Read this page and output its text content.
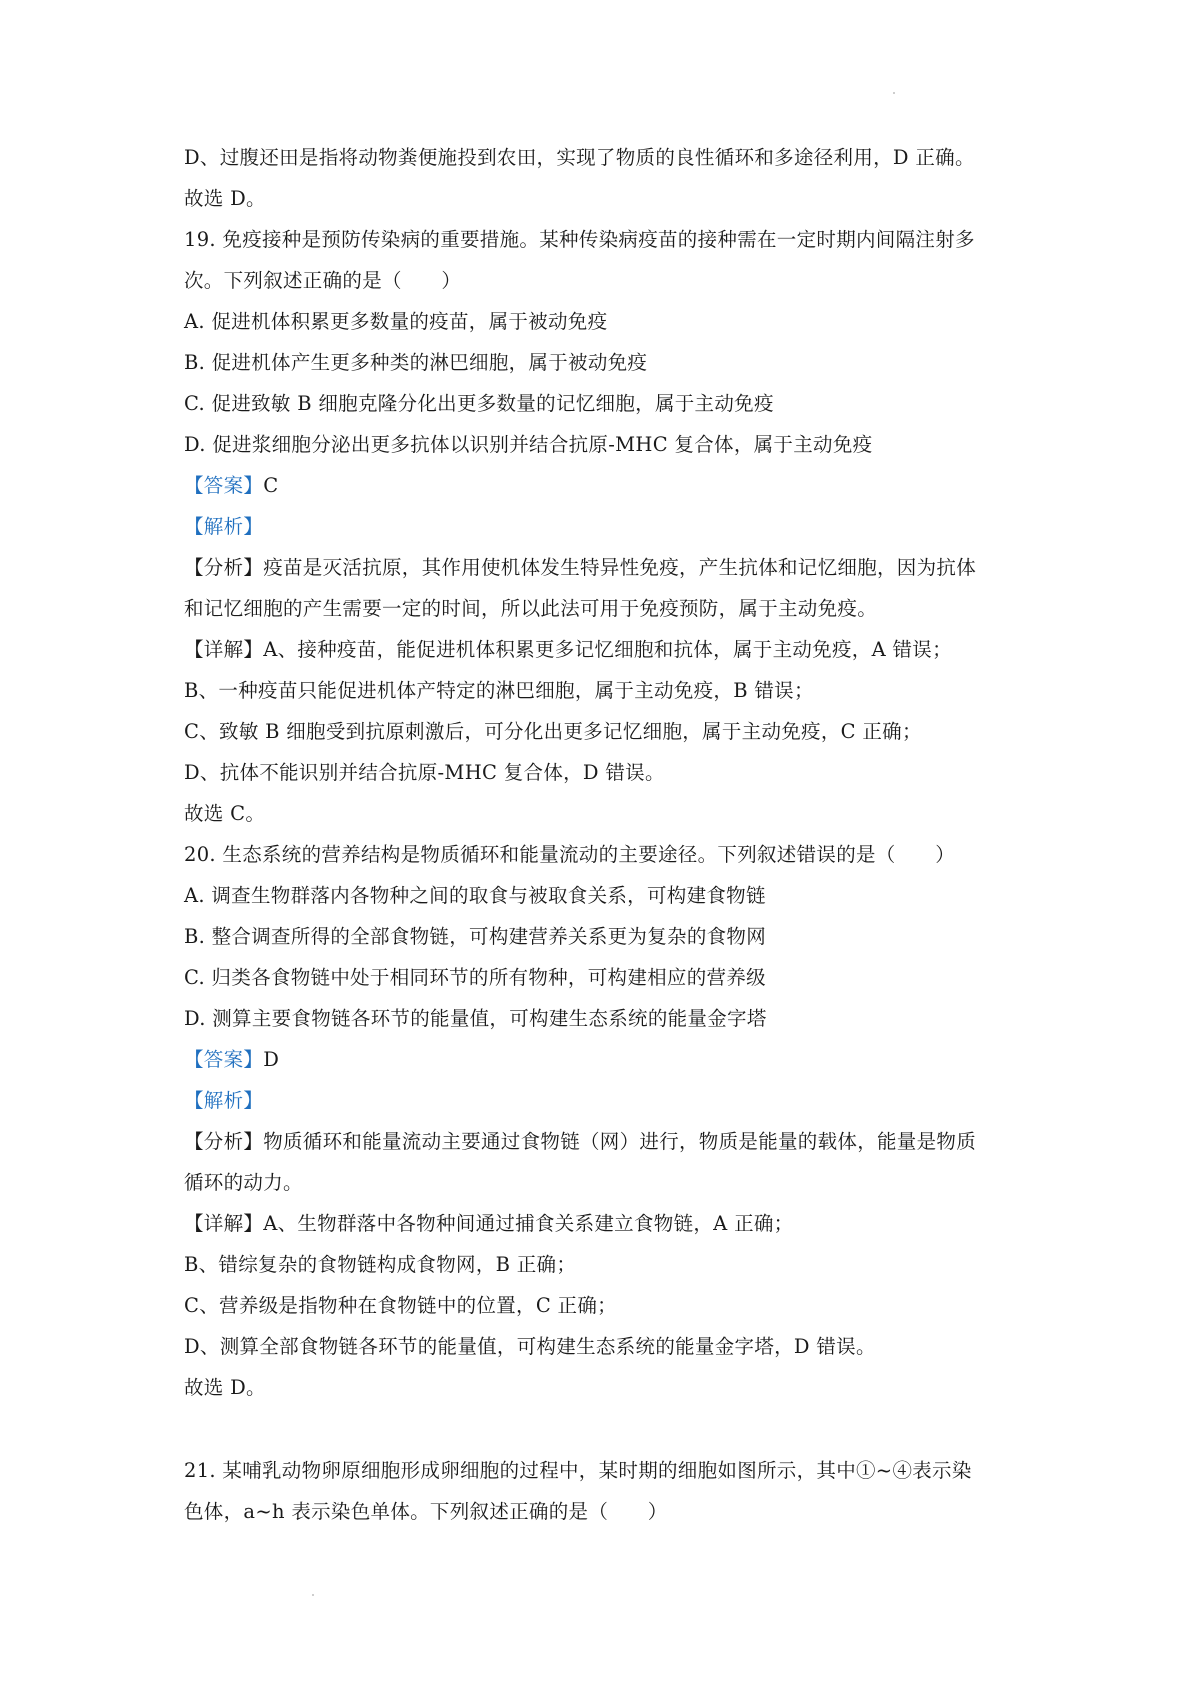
D、过腹还田是指将动物粪便施投到农田，实现了物质的良性循环和多途径利用，D 正确。
故选 D。
19. 免疫接种是预防传染病的重要措施。某种传染病疫苗的接种需在一定时期内间隔注射多
次。下列叙述正确的是（　　）
A. 促进机体积累更多数量的疫苗，属于被动免疫
B. 促进机体产生更多种类的淋巴细胞，属于被动免疫
C. 促进致敏 B 细胞克隆分化出更多数量的记忆细胞，属于主动免疫
D. 促进浆细胞分泌出更多抗体以识别并结合抗原-MHC 复合体，属于主动免疫
【答案】C
【解析】
【分析】疫苗是灭活抗原，其作用使机体发生特异性免疫，产生抗体和记忆细胞，因为抗体
和记忆细胞的产生需要一定的时间，所以此法可用于免疫预防，属于主动免疫。
【详解】A、接种疫苗，能促进机体积累更多记忆细胞和抗体，属于主动免疫，A 错误；
B、一种疫苗只能促进机体产特定的淋巴细胞，属于主动免疫，B 错误；
C、致敏 B 细胞受到抗原刺激后，可分化出更多记忆细胞，属于主动免疫，C 正确；
D、抗体不能识别并结合抗原-MHC 复合体，D 错误。
故选 C。
20. 生态系统的营养结构是物质循环和能量流动的主要途径。下列叙述错误的是（　　）
A. 调查生物群落内各物种之间的取食与被取食关系，可构建食物链
B. 整合调查所得的全部食物链，可构建营养关系更为复杂的食物网
C. 归类各食物链中处于相同环节的所有物种，可构建相应的营养级
D. 测算主要食物链各环节的能量值，可构建生态系统的能量金字塔
【答案】D
【解析】
【分析】物质循环和能量流动主要通过食物链（网）进行，物质是能量的载体，能量是物质
循环的动力。
【详解】A、生物群落中各物种间通过捕食关系建立食物链，A 正确；
B、错综复杂的食物链构成食物网，B 正确；
C、营养级是指物种在食物链中的位置，C 正确；
D、测算全部食物链各环节的能量值，可构建生态系统的能量金字塔，D 错误。
故选 D。
21. 某哺乳动物卵原细胞形成卵细胞的过程中，某时期的细胞如图所示，其中①~④表示染
色体，a~h 表示染色单体。下列叙述正确的是（　　）
